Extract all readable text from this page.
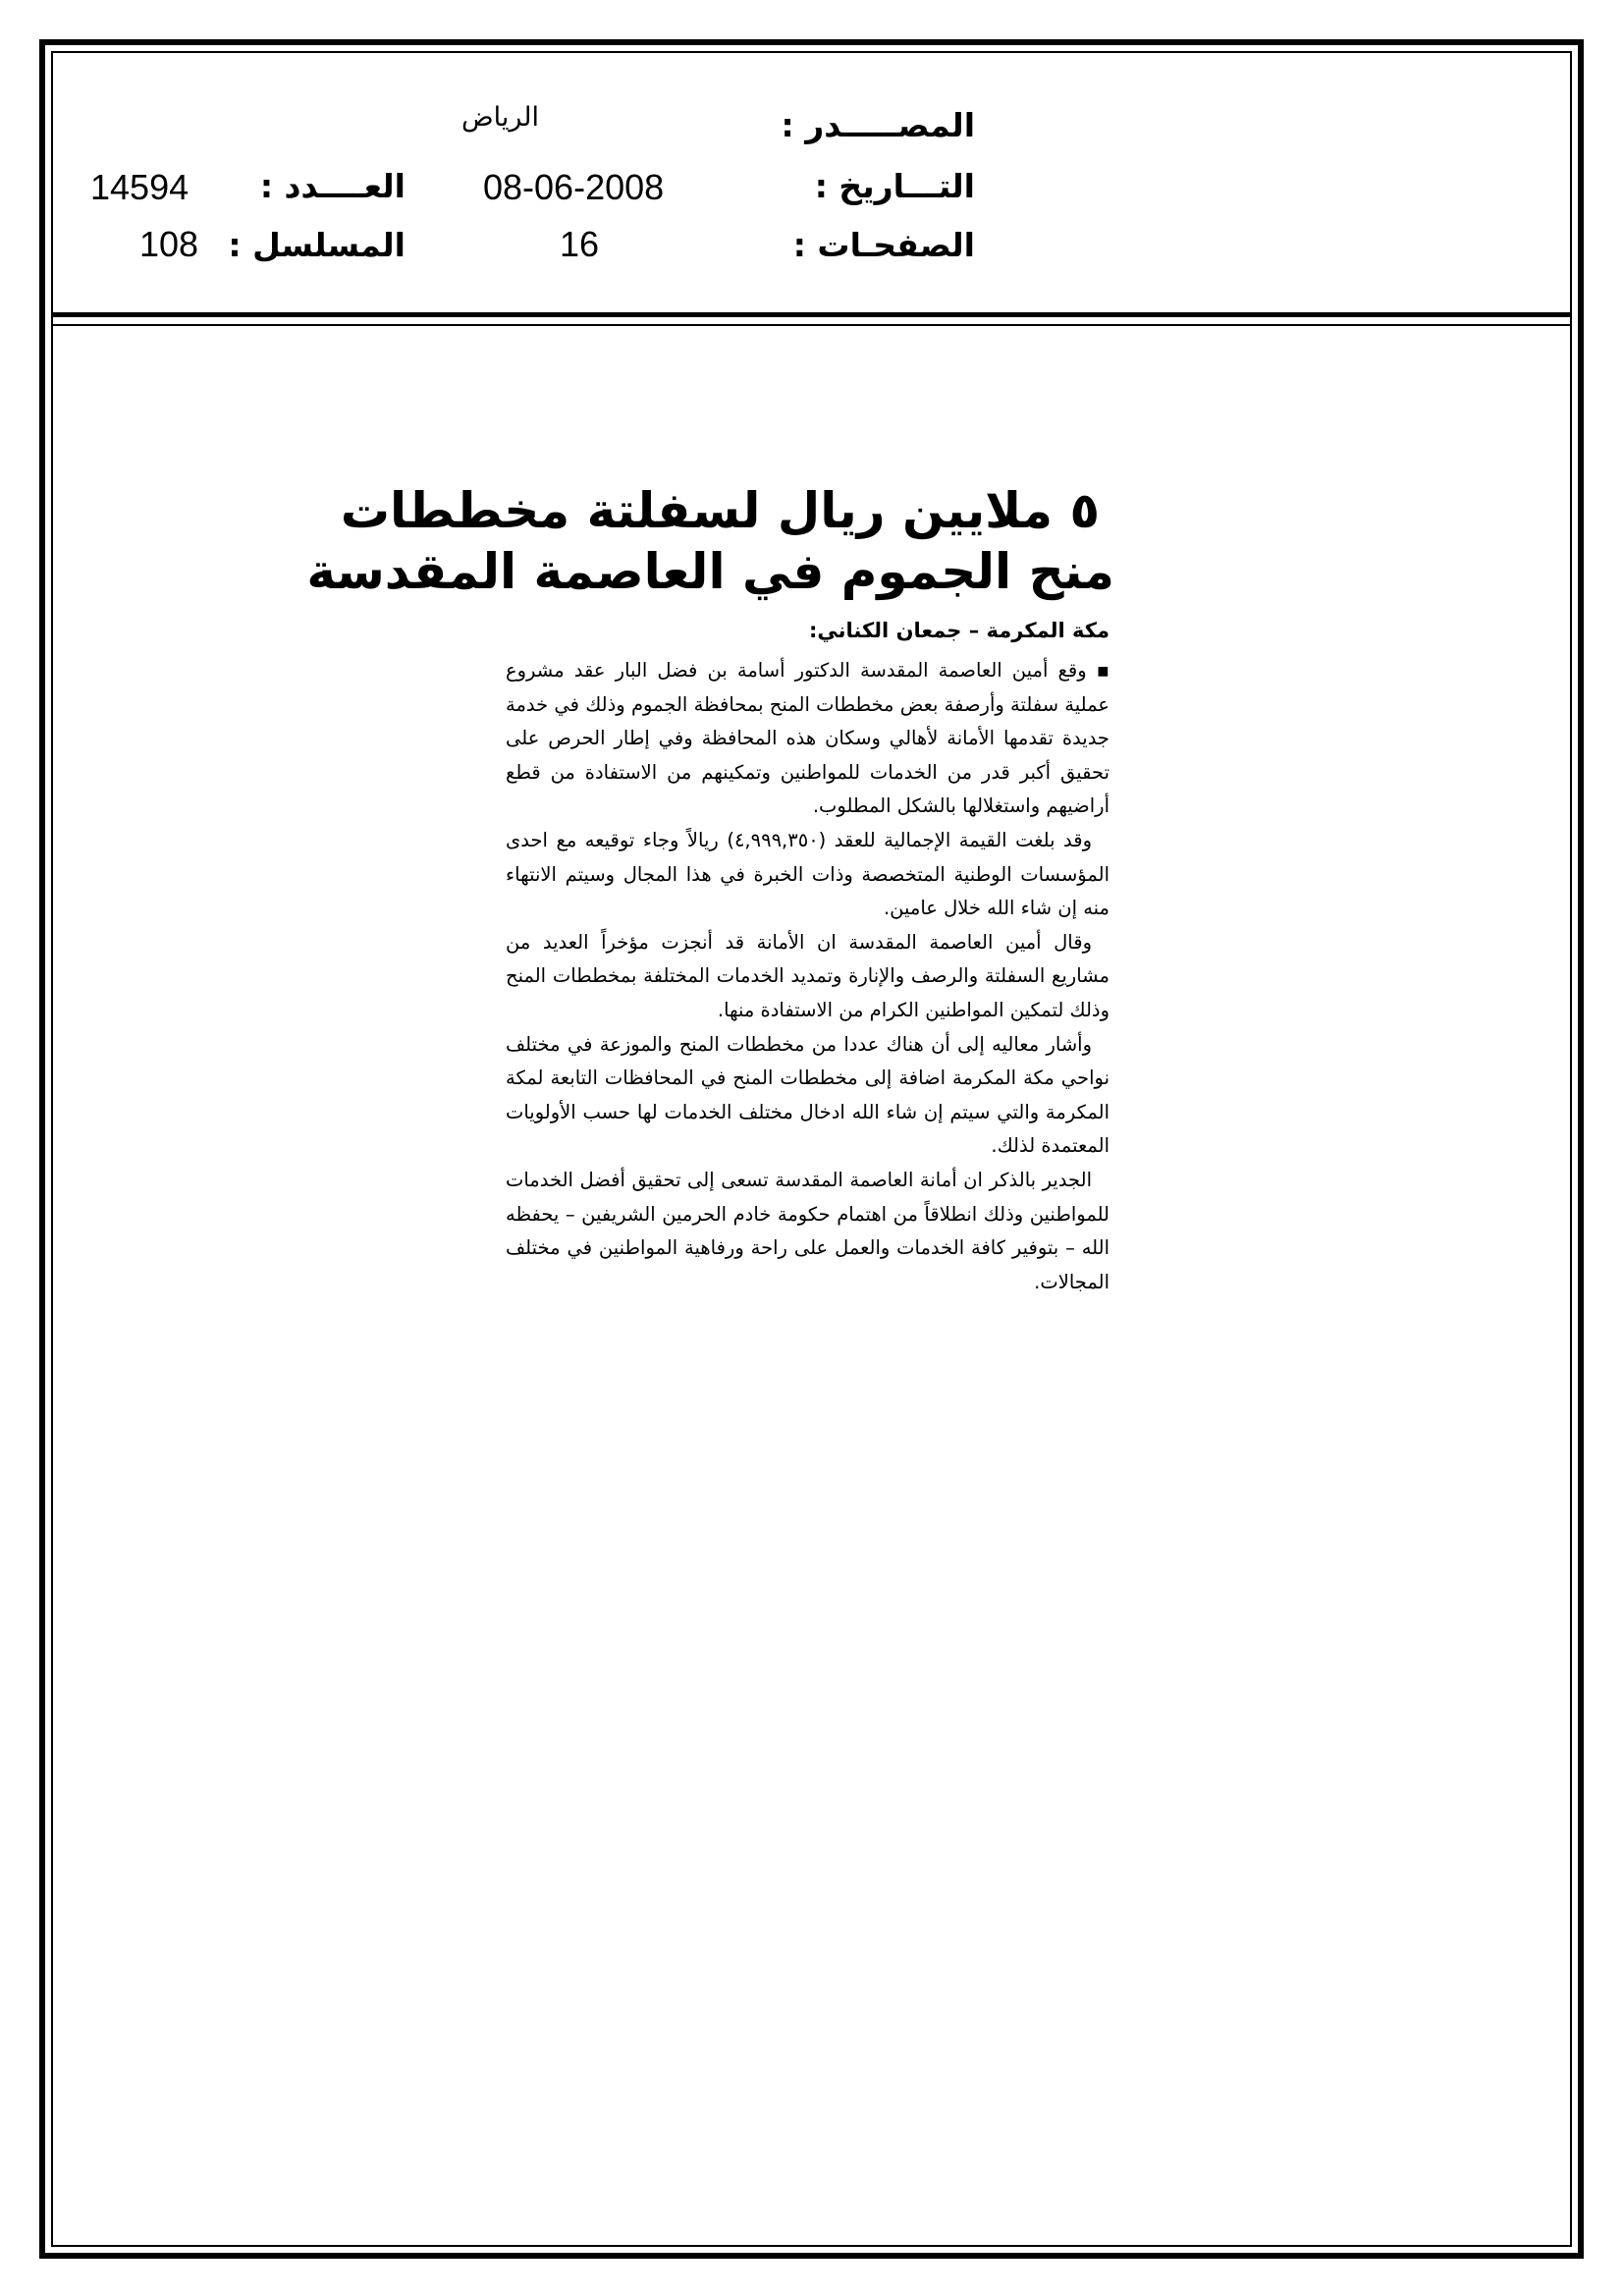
المصـــــدر :
التـــاريخ :
الصفحـات :
الرياض
08-06-2008
16
العــــدد :
المسلسل :
14594
108
٥ ملايين ريال لسفلتة مخططات
منح الجموم في العاصمة المقدسة
مكة المكرمة – جمعان الكناني:

▪ وقع أمين العاصمة المقدسة الدكتور أسامة بن فضل البار عقد مشروع عملية سفلتة وأرصفة بعض مخططات المنح بمحافظة الجموم وذلك في خدمة جديدة تقدمها الأمانة لأهالي وسكان هذه المحافظة وفي إطار الحرص على تحقيق أكبر قدر من الخدمات للمواطنين وتمكينهم من الاستفادة من قطع أراضيهم واستغلالها بالشكل المطلوب.

وقد بلغت القيمة الإجمالية للعقد (٤,٩٩٩,٣٥٠) ريالاً وجاء توقيعه مع احدى المؤسسات الوطنية المتخصصة وذات الخبرة في هذا المجال وسيتم الانتهاء منه إن شاء الله خلال عامين.

وقال أمين العاصمة المقدسة ان الأمانة قد أنجزت مؤخراً العديد من مشاريع السفلتة والرصف والإنارة وتمديد الخدمات المختلفة بمخططات المنح وذلك لتمكين المواطنين الكرام من الاستفادة منها.

وأشار معاليه إلى أن هناك عددا من مخططات المنح والموزعة في مختلف نواحي مكة المكرمة اضافة إلى مخططات المنح في المحافظات التابعة لمكة المكرمة والتي سيتم إن شاء الله ادخال مختلف الخدمات لها حسب الأولويات المعتمدة لذلك.

الجدير بالذكر ان أمانة العاصمة المقدسة تسعى إلى تحقيق أفضل الخدمات للمواطنين وذلك انطلاقاً من اهتمام حكومة خادم الحرمين الشريفين – يحفظه الله – بتوفير كافة الخدمات والعمل على راحة ورفاهية المواطنين في مختلف المجالات.
